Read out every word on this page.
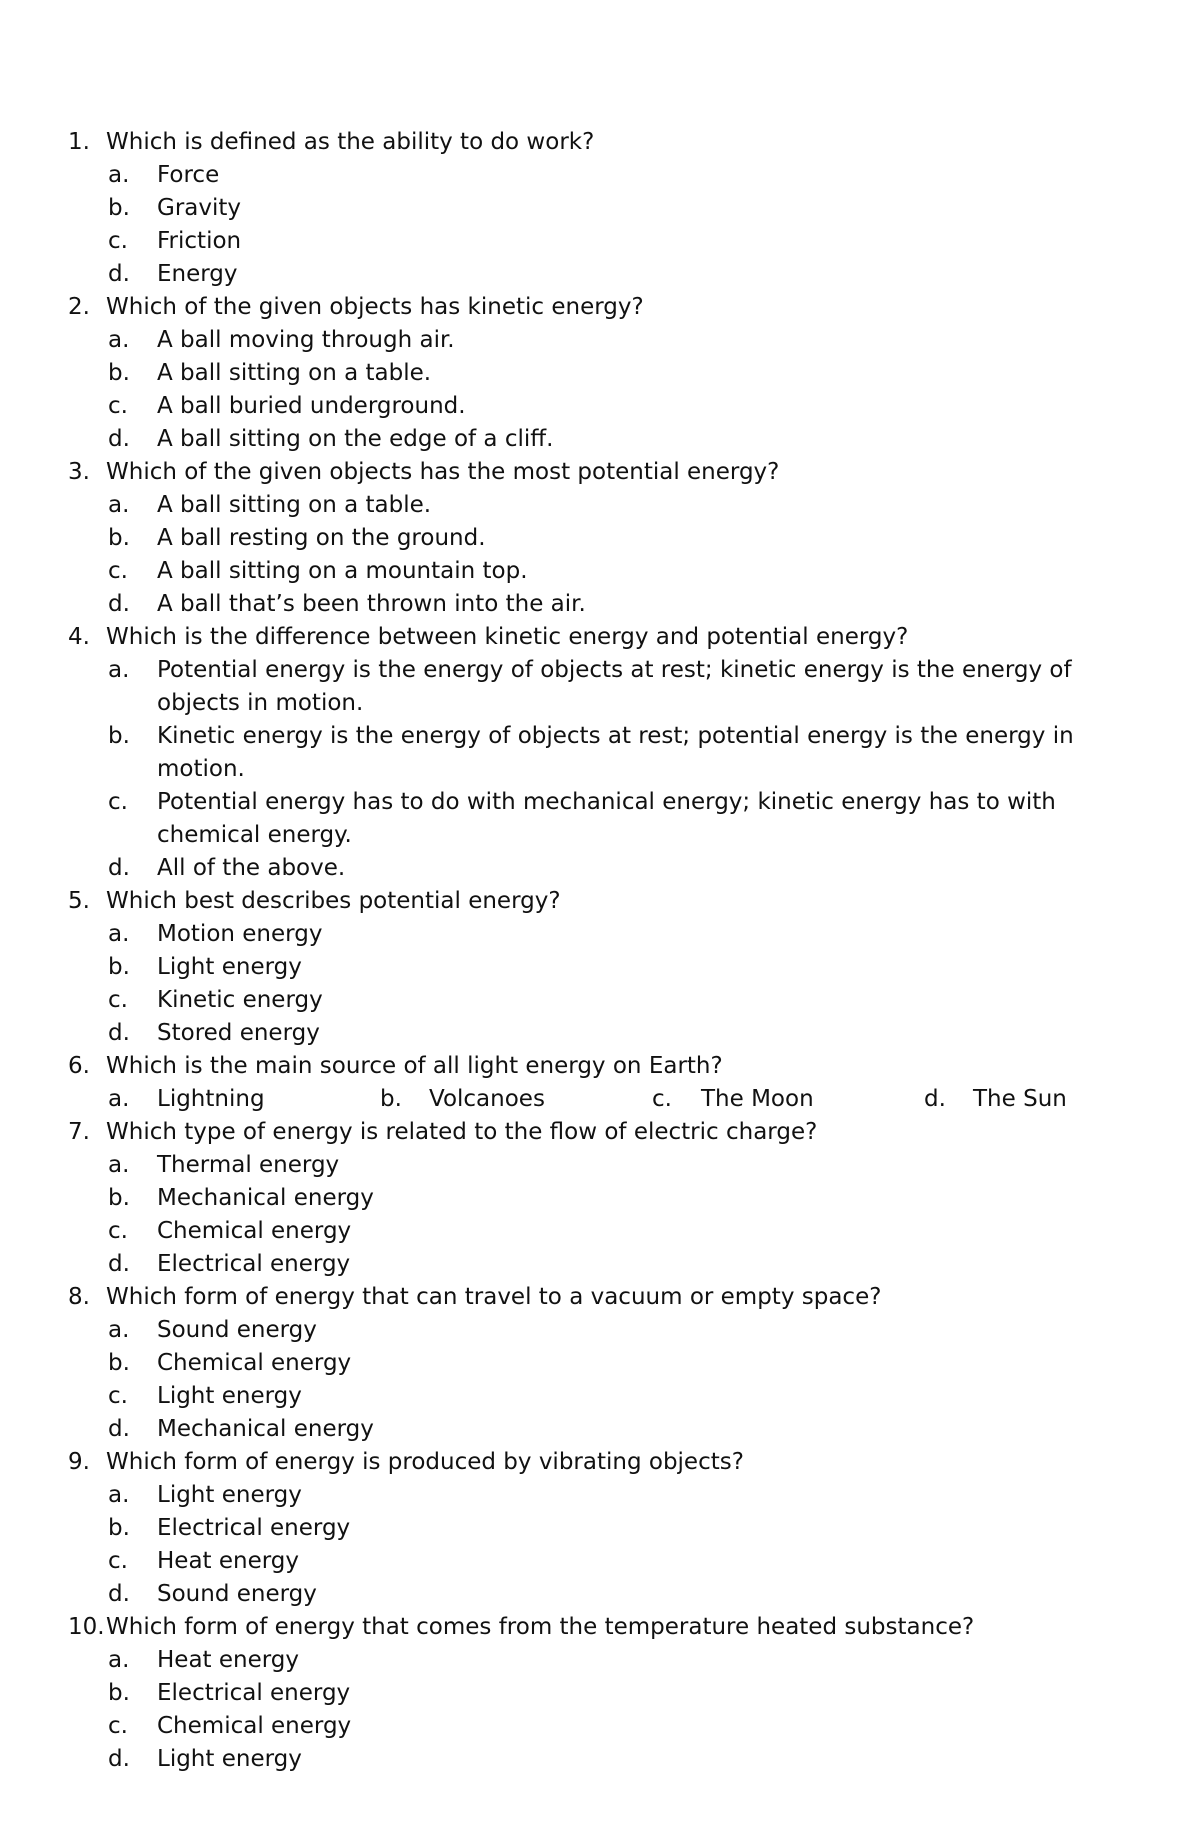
1. Which is defined as the ability to do work?
a.	Force
b.	Gravity
c.	Friction
d.	Energy
2. Which of the given objects has kinetic energy?
a.	A ball moving through air.
b.	A ball sitting on a table.
c.	A ball buried underground.
d.	A ball sitting on the edge of a cliff.
3. Which of the given objects has the most potential energy?
a.	A ball sitting on a table.
b.	A ball resting on the ground.
c.	A ball sitting on a mountain top.
d.	A ball that’s been thrown into the air.
4. Which is the difference between kinetic energy and potential energy?
a.	Potential energy is the energy of objects at rest; kinetic energy is the energy of objects in motion.
b.	Kinetic energy is the energy of objects at rest; potential energy is the energy in motion.
c.	Potential energy has to do with mechanical energy; kinetic energy has to with chemical energy.
d.	All of the above.
5. Which best describes potential energy?
a.	Motion energy
b.	Light energy
c.	Kinetic energy
d.	Stored energy
6. Which is the main source of all light energy on Earth?
a.	Lightning	b.	Volcanoes	c.	The Moon	d.	The Sun
7. Which type of energy is related to the flow of electric charge?
a.	Thermal energy
b.	Mechanical energy
c.	Chemical energy
d.	Electrical energy
8. Which form of energy that can travel to a vacuum or empty space?
a.	Sound energy
b.	Chemical energy
c.	Light energy
d.	Mechanical energy
9. Which form of energy is produced by vibrating objects?
a.	Light energy
b.	Electrical energy
c.	Heat energy
d.	Sound energy
10. Which form of energy that comes from the temperature heated substance?
a.	Heat energy
b.	Electrical energy
c.	Chemical energy
d.	Light energy
